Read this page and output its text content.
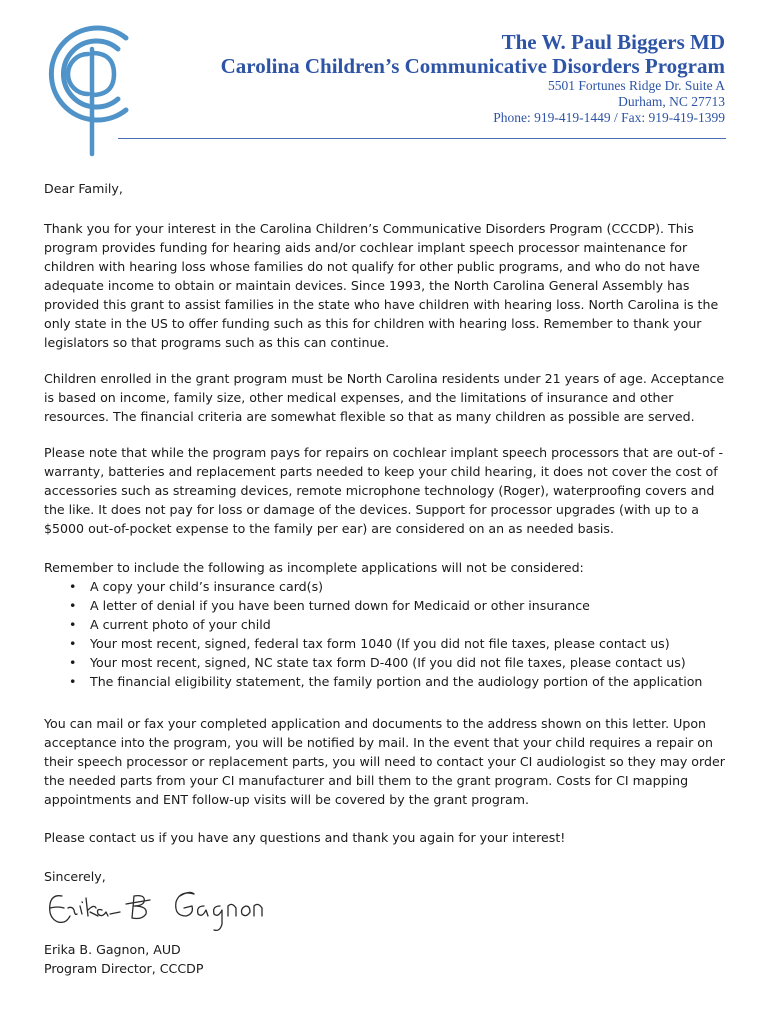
The W. Paul Biggers MD
Carolina Children’s Communicative Disorders Program
5501 Fortunes Ridge Dr. Suite A
Durham, NC 27713
Phone: 919-419-1449 / Fax: 919-419-1399
Dear Family,

Thank you for your interest in the Carolina Children’s Communicative Disorders Program (CCCDP). This program provides funding for hearing aids and/or cochlear implant speech processor maintenance for children with hearing loss whose families do not qualify for other public programs, and who do not have adequate income to obtain or maintain devices. Since 1993, the North Carolina General Assembly has provided this grant to assist families in the state who have children with hearing loss. North Carolina is the only state in the US to offer funding such as this for children with hearing loss. Remember to thank your legislators so that programs such as this can continue.

Children enrolled in the grant program must be North Carolina residents under 21 years of age. Acceptance is based on income, family size, other medical expenses, and the limitations of insurance and other resources. The financial criteria are somewhat flexible so that as many children as possible are served.

Please note that while the program pays for repairs on cochlear implant speech processors that are out-of -warranty, batteries and replacement parts needed to keep your child hearing, it does not cover the cost of accessories such as streaming devices, remote microphone technology (Roger), waterproofing covers and the like. It does not pay for loss or damage of the devices. Support for processor upgrades (with up to a $5000 out-of-pocket expense to the family per ear) are considered on an as needed basis.

Remember to include the following as incomplete applications will not be considered:

• A copy your child’s insurance card(s)
• A letter of denial if you have been turned down for Medicaid or other insurance
• A current photo of your child
• Your most recent, signed, federal tax form 1040 (If you did not file taxes, please contact us)
• Your most recent, signed, NC state tax form D-400 (If you did not file taxes, please contact us)
• The financial eligibility statement, the family portion and the audiology portion of the application

You can mail or fax your completed application and documents to the address shown on this letter. Upon acceptance into the program, you will be notified by mail. In the event that your child requires a repair on their speech processor or replacement parts, you will need to contact your CI audiologist so they may order the needed parts from your CI manufacturer and bill them to the grant program. Costs for CI mapping appointments and ENT follow-up visits will be covered by the grant program.

Please contact us if you have any questions and thank you again for your interest!

Sincerely,
Erika B. Gagnon, AUD
Program Director, CCCDP
